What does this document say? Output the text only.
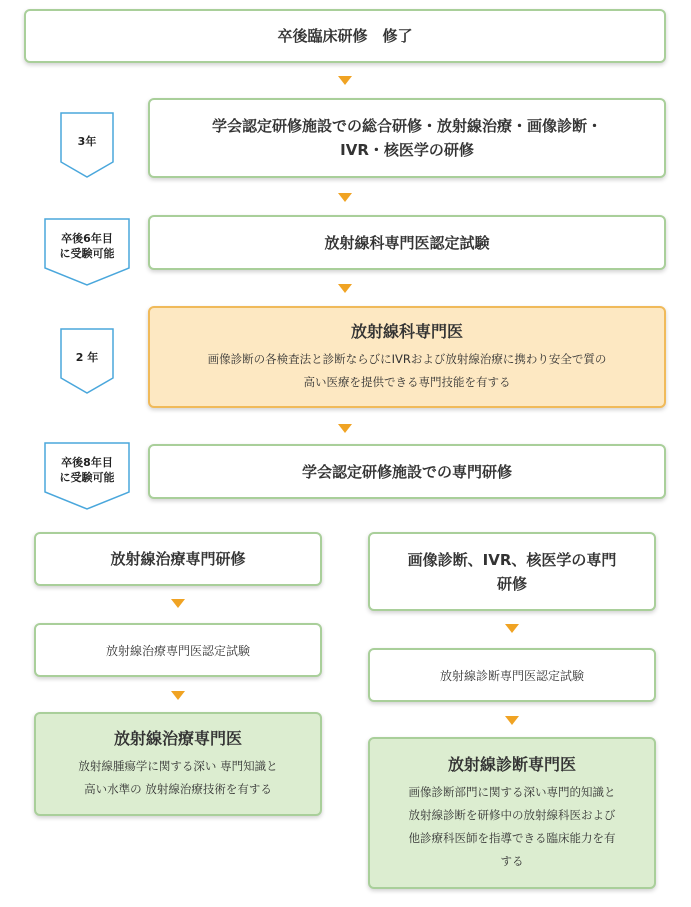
卒後臨床研修　修了
3年
学会認定研修施設での総合研修・放射線治療・画像診断・
IVR・核医学の研修
卒後6年目
に受験可能
放射線科専門医認定試験
2 年
放射線科専門医
画像診断の各検査法と診断ならびにIVRおよび放射線治療に携わり安全で質の
高い医療を提供できる専門技能を有する
卒後8年目
に受験可能	学会認定研修施設での専門研修
放射線治療専門研修
放射線治療専門医認定試験
放射線治療専門医
放射線腫瘍学に関する深い 専門知識と
高い水準の 放射線治療技術を有する
画像診断、IVR、核医学の専門
研修
放射線診断専門医認定試験
放射線診断専門医
画像診断部門に関する深い専門的知識と
放射線診断を研修中の放射線科医および
他診療科医師を指導できる臨床能力を有
する
